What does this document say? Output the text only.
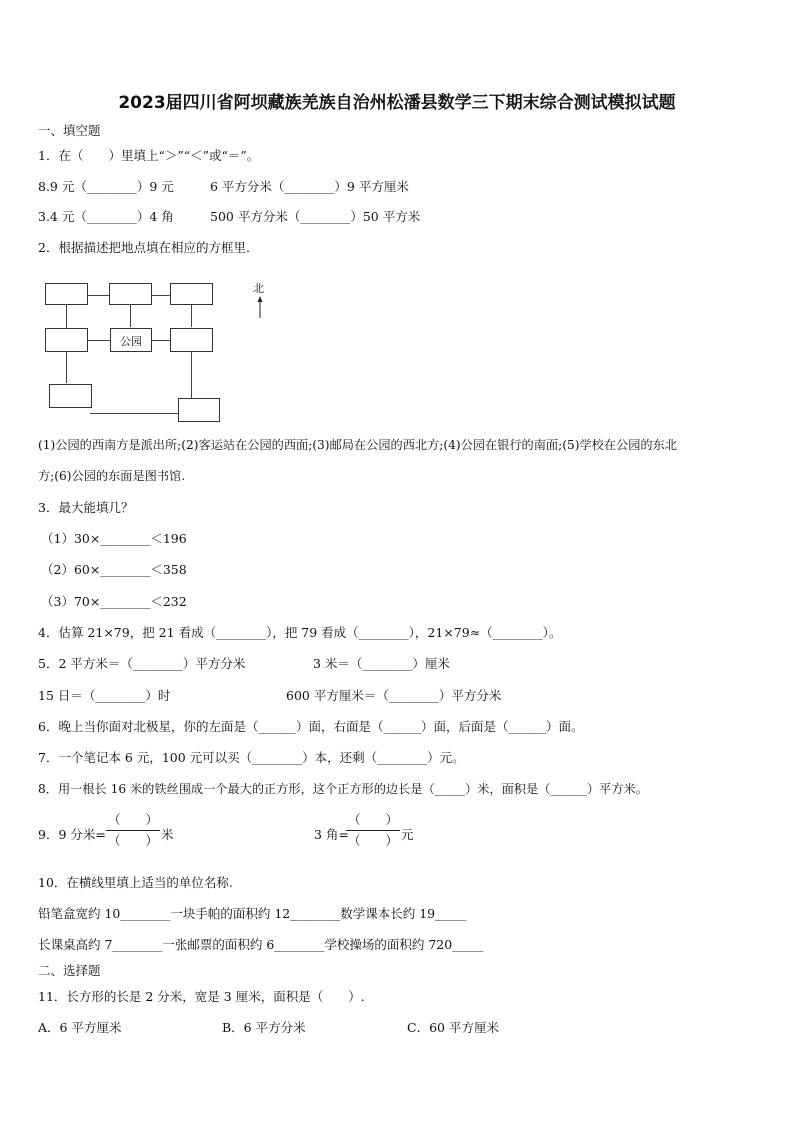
2023届四川省阿坝藏族羌族自治州松潘县数学三下期末综合测试模拟试题
一、填空题
1．在（　　）里填上“＞”“＜”或“＝”。
8.9 元（________）9 元	6 平方分米（________）9 平方厘米
3.4 元（________）4 角	500 平方分米（________）50 平方米
2．根据描述把地点填在相应的方框里．
公园
北
(1)公园的西南方是派出所;(2)客运站在公园的西面;(3)邮局在公园的西北方;(4)公园在银行的南面;(5)学校在公园的东北
方;(6)公园的东面是图书馆.
3．最大能填几？
（1）30×________＜196
（2）60×________＜358
（3）70×________＜232
4．估算 21×79，把 21 看成（________），把 79 看成（________），21×79≈（________）。
5．2 平方米＝（________）平方分米	3 米＝（________）厘米
15 日＝（________）时	600 平方厘米＝（________）平方分米
6．晚上当你面对北极星，你的左面是（______）面，右面是（______）面，后面是（______）面。
7．一个笔记本 6 元，100 元可以买（________）本，还剩（________）元。
8．用一根长 16 米的铁丝围成一个最大的正方形，这个正方形的边长是（_____）米，面积是（______）平方米。
9．9 分米=
（　　）
（　　） 米	3 角=
（　　）
（　　） 元
10．在横线里填上适当的单位名称.
铅笔盒宽约 10________一块手帕的面积约 12________数学课本长约 19_____
长课桌高约 7________一张邮票的面积约 6________学校操场的面积约 720_____
二、选择题
11．长方形的长是 2 分米，宽是 3 厘米，面积是（　　）.
A．6 平方厘米	B．6 平方分米	C．60 平方厘米
